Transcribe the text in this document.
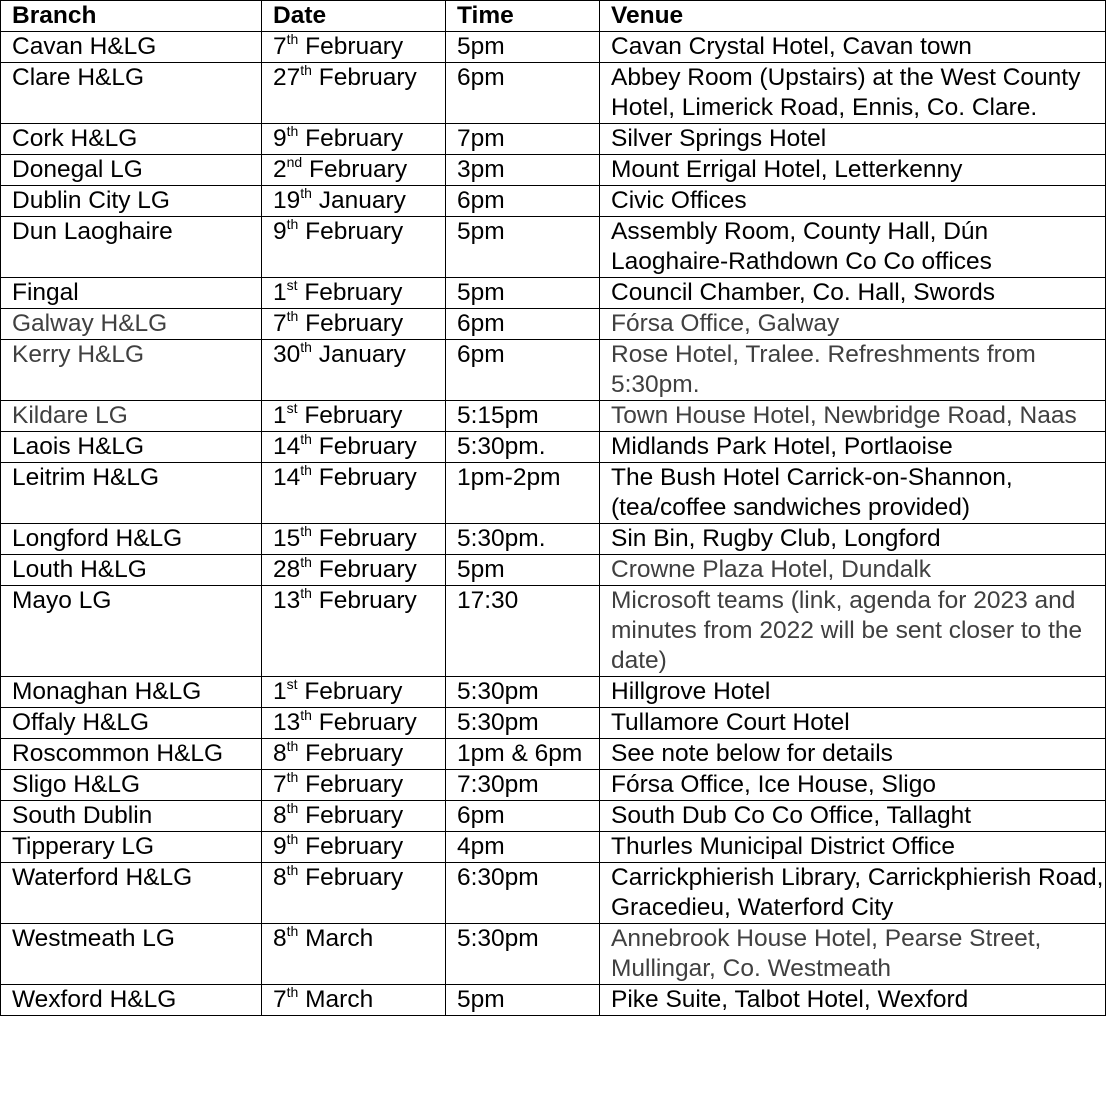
Branch	Date	Time	Venue
Cavan H&LG	7th February	5pm	Cavan Crystal Hotel, Cavan town
Clare H&LG	27th February	6pm	Abbey Room (Upstairs) at the West County Hotel, Limerick Road, Ennis, Co. Clare.
Cork H&LG	9th February	7pm	Silver Springs Hotel
Donegal LG	2nd February	3pm	Mount Errigal Hotel, Letterkenny
Dublin City LG	19th January	6pm	Civic Offices
Dun Laoghaire	9th February	5pm	Assembly Room, County Hall, Dún Laoghaire-Rathdown Co Co offices
Fingal	1st February	5pm	Council Chamber, Co. Hall, Swords
Galway H&LG	7th February	6pm	Fórsa Office, Galway
Kerry H&LG	30th January	6pm	Rose Hotel, Tralee. Refreshments from 5:30pm.
Kildare LG	1st February	5:15pm	Town House Hotel, Newbridge Road, Naas
Laois H&LG	14th February	5:30pm.	Midlands Park Hotel, Portlaoise
Leitrim H&LG	14th February	1pm-2pm	The Bush Hotel Carrick-on-Shannon, (tea/coffee sandwiches provided)
Longford H&LG	15th February	5:30pm.	Sin Bin, Rugby Club, Longford
Louth H&LG	28th February	5pm	Crowne Plaza Hotel, Dundalk
Mayo LG	13th February	17:30	Microsoft teams (link, agenda for 2023 and minutes from 2022 will be sent closer to the date)
Monaghan H&LG	1st February	5:30pm	Hillgrove Hotel
Offaly H&LG	13th February	5:30pm	Tullamore Court Hotel
Roscommon H&LG	8th February	1pm & 6pm	See note below for details
Sligo H&LG	7th February	7:30pm	Fórsa Office, Ice House, Sligo
South Dublin	8th February	6pm	South Dub Co Co Office, Tallaght
Tipperary LG	9th February	4pm	Thurles Municipal District Office
Waterford H&LG	8th February	6:30pm	Carrickphierish Library, Carrickphierish Road, Gracedieu, Waterford City
Westmeath LG	8th March	5:30pm	Annebrook House Hotel, Pearse Street, Mullingar, Co. Westmeath
Wexford H&LG	7th March	5pm	Pike Suite, Talbot Hotel, Wexford
